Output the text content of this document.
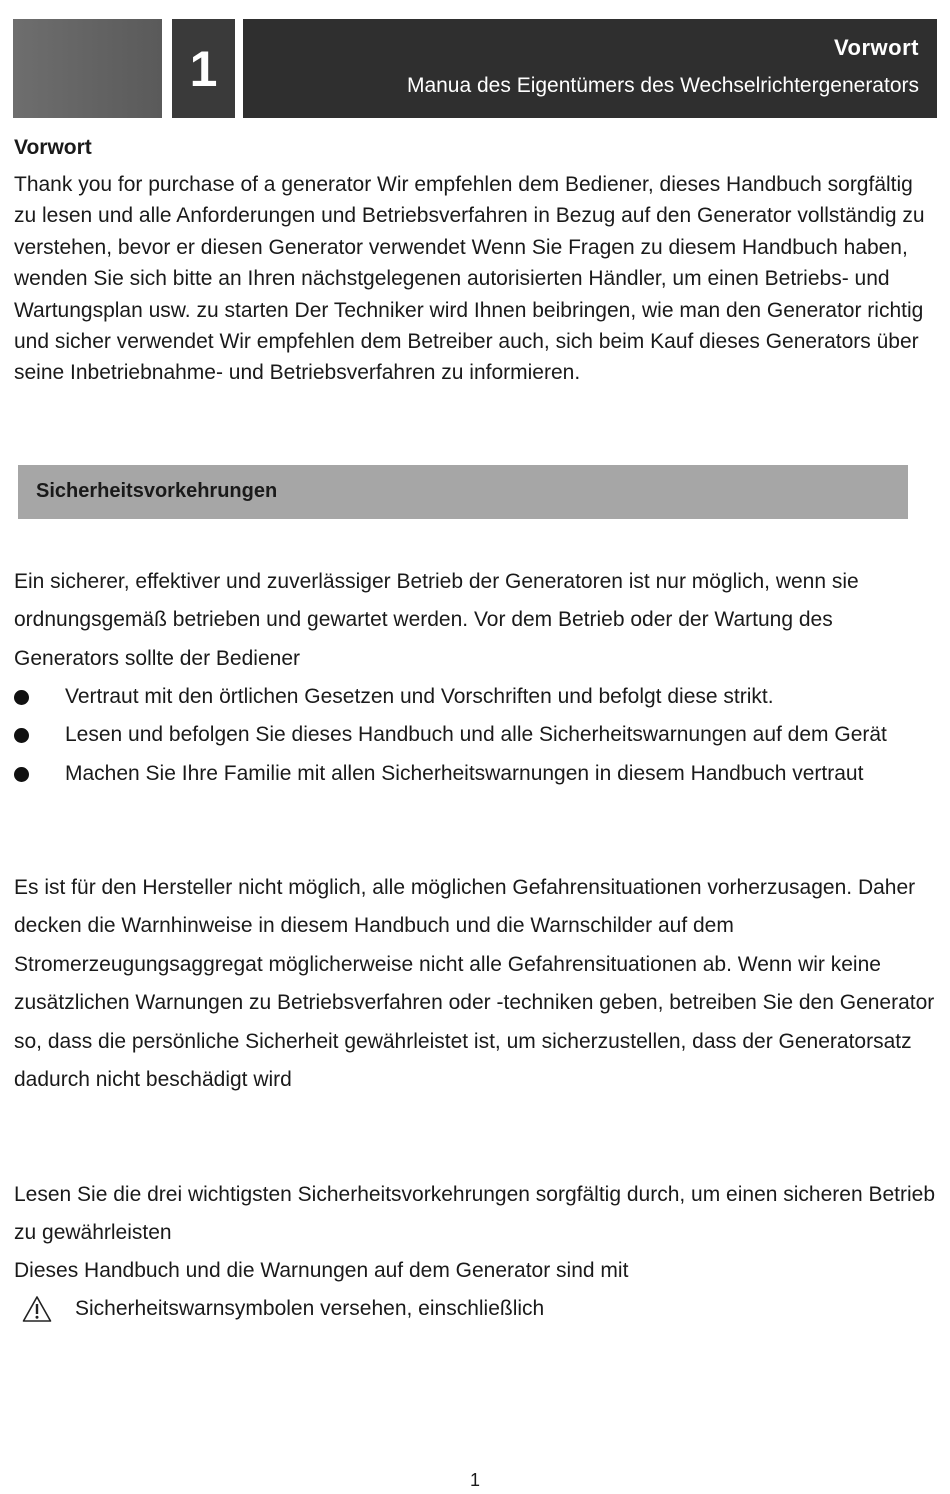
1	Vorwort
Manua des Eigentümers des Wechselrichtergenerators
Vorwort

Thank you for purchase of a generator Wir empfehlen dem Bediener, dieses Handbuch sorgfältig zu lesen und alle Anforderungen und Betriebsverfahren in Bezug auf den Generator vollständig zu verstehen, bevor er diesen Generator verwendet Wenn Sie Fragen zu diesem Handbuch haben, wenden Sie sich bitte an Ihren nächstgelegenen autorisierten Händler, um einen Betriebs- und Wartungsplan usw. zu starten Der Techniker wird Ihnen beibringen, wie man den Generator richtig und sicher verwendet Wir empfehlen dem Betreiber auch, sich beim Kauf dieses Generators über seine Inbetriebnahme- und Betriebsverfahren zu informieren.

Sicherheitsvorkehrungen

Ein sicherer, effektiver und zuverlässiger Betrieb der Generatoren ist nur möglich, wenn sie ordnungsgemäß betrieben und gewartet werden. Vor dem Betrieb oder der Wartung des Generators sollte der Bediener

Vertraut mit den örtlichen Gesetzen und Vorschriften und befolgt diese strikt.
Lesen und befolgen Sie dieses Handbuch und alle Sicherheitswarnungen auf dem Gerät
Machen Sie Ihre Familie mit allen Sicherheitswarnungen in diesem Handbuch vertraut

Es ist für den Hersteller nicht möglich, alle möglichen Gefahrensituationen vorherzusagen. Daher decken die Warnhinweise in diesem Handbuch und die Warnschilder auf dem Stromerzeugungsaggregat möglicherweise nicht alle Gefahrensituationen ab. Wenn wir keine zusätzlichen Warnungen zu Betriebsverfahren oder -techniken geben, betreiben Sie den Generator so, dass die persönliche Sicherheit gewährleistet ist, um sicherzustellen, dass der Generatorsatz dadurch nicht beschädigt wird

Lesen Sie die drei wichtigsten Sicherheitsvorkehrungen sorgfältig durch, um einen sicheren Betrieb zu gewährleisten

Dieses Handbuch und die Warnungen auf dem Generator sind mit

Sicherheitswarnsymbolen versehen, einschließlich
1
